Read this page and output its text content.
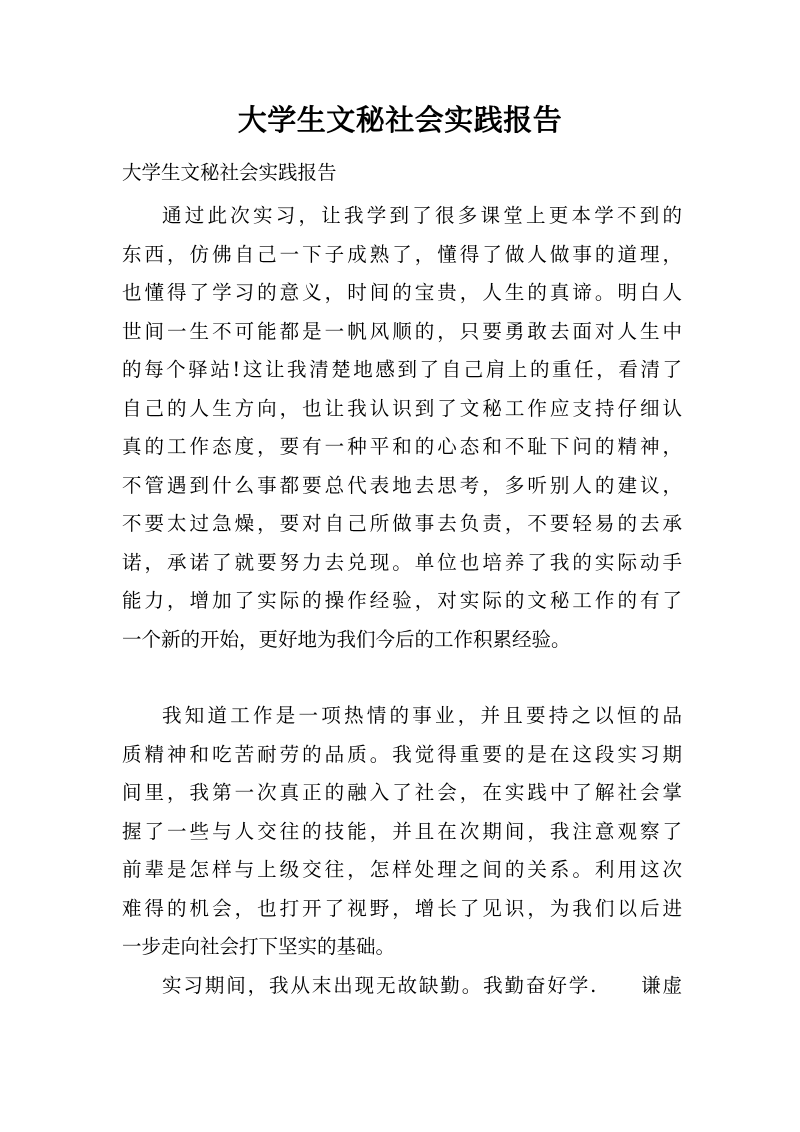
大学生文秘社会实践报告

大学生文秘社会实践报告

通过此次实习，让我学到了很多课堂上更本学不到的
东西，仿佛自己一下子成熟了，懂得了做人做事的道理，
也懂得了学习的意义，时间的宝贵，人生的真谛。明白人
世间一生不可能都是一帆风顺的，只要勇敢去面对人生中
的每个驿站!这让我清楚地感到了自己肩上的重任，看清了
自己的人生方向，也让我认识到了文秘工作应支持仔细认
真的工作态度，要有一种平和的心态和不耻下问的精神，
不管遇到什么事都要总代表地去思考，多听别人的建议，
不要太过急燥，要对自己所做事去负责，不要轻易的去承
诺，承诺了就要努力去兑现。单位也培养了我的实际动手
能力，增加了实际的操作经验，对实际的文秘工作的有了
一个新的开始，更好地为我们今后的工作积累经验。
我知道工作是一项热情的事业，并且要持之以恒的品
质精神和吃苦耐劳的品质。我觉得重要的是在这段实习期
间里，我第一次真正的融入了社会，在实践中了解社会掌
握了一些与人交往的技能，并且在次期间，我注意观察了
前辈是怎样与上级交往，怎样处理之间的关系。利用这次
难得的机会，也打开了视野，增长了见识，为我们以后进
一步走向社会打下坚实的基础。
实习期间，我从末出现无故缺勤。我勤奋好学.　　谦虚
